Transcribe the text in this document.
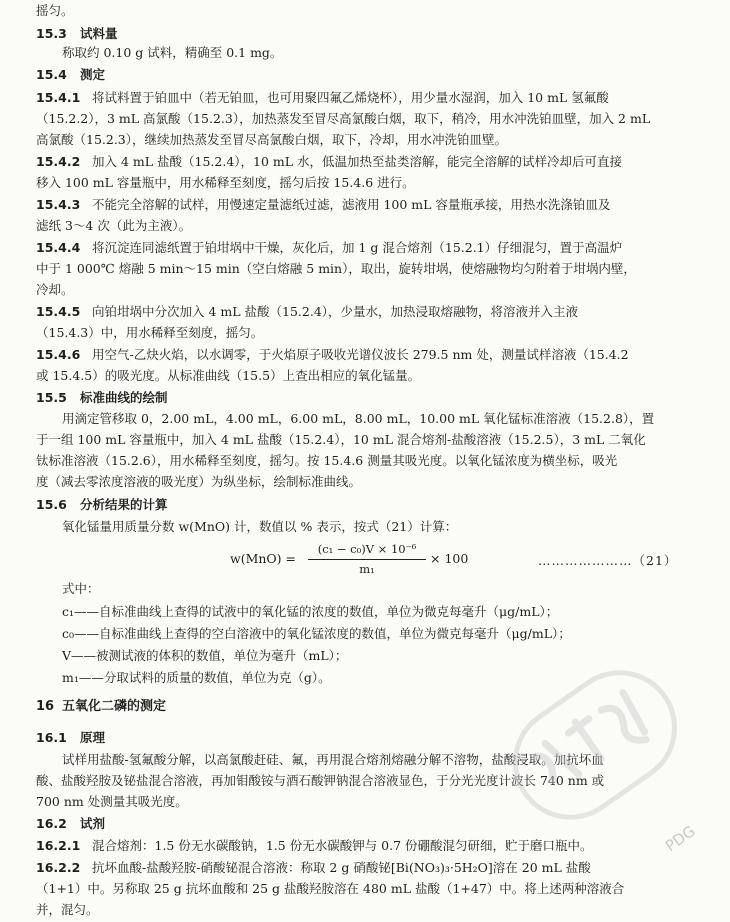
摇匀。
15.3 试料量
称取约 0.10 g 试料，精确至 0.1 mg。
15.4 测定
15.4.1 将试料置于铂皿中（若无铂皿，也可用聚四氟乙烯烧杯），用少量水湿润，加入 10 mL 氢氟酸
（15.2.2），3 mL 高氯酸（15.2.3），加热蒸发至冒尽高氯酸白烟，取下，稍冷，用水冲洗铂皿壁，加入 2 mL
高氯酸（15.2.3），继续加热蒸发至冒尽高氯酸白烟，取下，冷却，用水冲洗铂皿壁。
15.4.2 加入 4 mL 盐酸（15.2.4），10 mL 水，低温加热至盐类溶解，能完全溶解的试样冷却后可直接
移入 100 mL 容量瓶中，用水稀释至刻度，摇匀后按 15.4.6 进行。
15.4.3 不能完全溶解的试样，用慢速定量滤纸过滤，滤液用 100 mL 容量瓶承接，用热水洗涤铂皿及
滤纸 3～4 次（此为主液）。
15.4.4 将沉淀连同滤纸置于铂坩埚中干燥，灰化后，加 1 g 混合熔剂（15.2.1）仔细混匀，置于高温炉
中于 1 000℃ 熔融 5 min～15 min（空白熔融 5 min），取出，旋转坩埚，使熔融物均匀附着于坩埚内壁，
冷却。
15.4.5 向铂坩埚中分次加入 4 mL 盐酸（15.2.4），少量水，加热浸取熔融物，将溶液并入主液
（15.4.3）中，用水稀释至刻度，摇匀。
15.4.6 用空气-乙炔火焰，以水调零，于火焰原子吸收光谱仪波长 279.5 nm 处，测量试样溶液（15.4.2
或 15.4.5）的吸光度。从标准曲线（15.5）上查出相应的氧化锰量。
15.5 标准曲线的绘制
用滴定管移取 0，2.00 mL，4.00 mL，6.00 mL，8.00 mL，10.00 mL 氧化锰标准溶液（15.2.8），置
于一组 100 mL 容量瓶中，加入 4 mL 盐酸（15.2.4），10 mL 混合熔剂-盐酸溶液（15.2.5），3 mL 二氧化
钛标准溶液（15.2.6），用水稀释至刻度，摇匀。按 15.4.6 测量其吸光度。以氧化锰浓度为横坐标，吸光
度（减去零浓度溶液的吸光度）为纵坐标，绘制标准曲线。
15.6 分析结果的计算
氧化锰量用质量分数 w(MnO) 计，数值以 % 表示，按式（21）计算：
w(MnO) =
(c₁ − c₀)V × 10⁻⁶
m₁
× 100	…………………（21）
式中：
c₁——自标准曲线上查得的试液中的氧化锰的浓度的数值，单位为微克每毫升（μg/mL）；
c₀——自标准曲线上查得的空白溶液中的氧化锰浓度的数值，单位为微克每毫升（μg/mL）；
V——被测试液的体积的数值，单位为毫升（mL）；
m₁——分取试料的质量的数值，单位为克（g）。
16 五氧化二磷的测定
16.1 原理
试样用盐酸-氢氟酸分解，以高氯酸赶硅、氟，再用混合熔剂熔融分解不溶物，盐酸浸取。加抗坏血
酸、盐酸羟胺及铋盐混合溶液，再加钼酸铵与酒石酸钾钠混合溶液显色，于分光光度计波长 740 nm 或
700 nm 处测量其吸光度。
16.2 试剂
16.2.1 混合熔剂：1.5 份无水碳酸钠，1.5 份无水碳酸钾与 0.7 份硼酸混匀研细，贮于磨口瓶中。
16.2.2 抗坏血酸-盐酸羟胺-硝酸铋混合溶液：称取 2 g 硝酸铋[Bi(NO₃)₃·5H₂O]溶在 20 mL 盐酸
（1+1）中。另称取 25 g 抗坏血酸和 25 g 盐酸羟胺溶在 480 mL 盐酸（1+47）中。将上述两种溶液合
并，混匀。
PDG
